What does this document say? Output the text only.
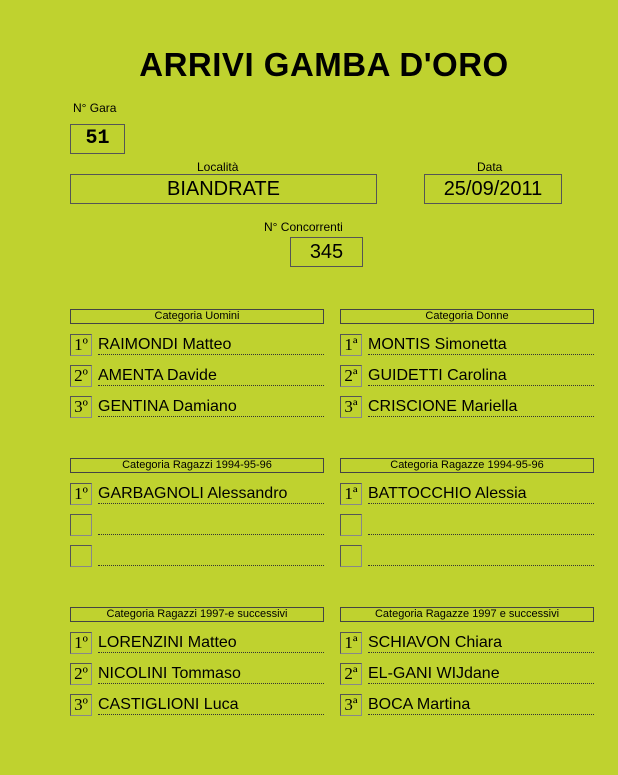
ARRIVI GAMBA D'ORO
N° Gara
51
Località
BIANDRATE
Data
25/09/2011
N° Concorrenti
345
Categoria Uomini
1º RAIMONDI Matteo
2º AMENTA Davide
3º GENTINA Damiano
Categoria Donne
1ª MONTIS Simonetta
2ª GUIDETTI Carolina
3ª CRISCIONE Mariella
Categoria Ragazzi 1994-95-96
1º GARBAGNOLI Alessandro
Categoria Ragazze 1994-95-96
1ª BATTOCCHIO Alessia
Categoria Ragazzi 1997-e successivi
1º LORENZINI Matteo
2º NICOLINI Tommaso
3º CASTIGLIONI Luca
Categoria Ragazze 1997 e successivi
1ª SCHIAVON Chiara
2ª EL-GANI WIJdane
3ª BOCA Martina
